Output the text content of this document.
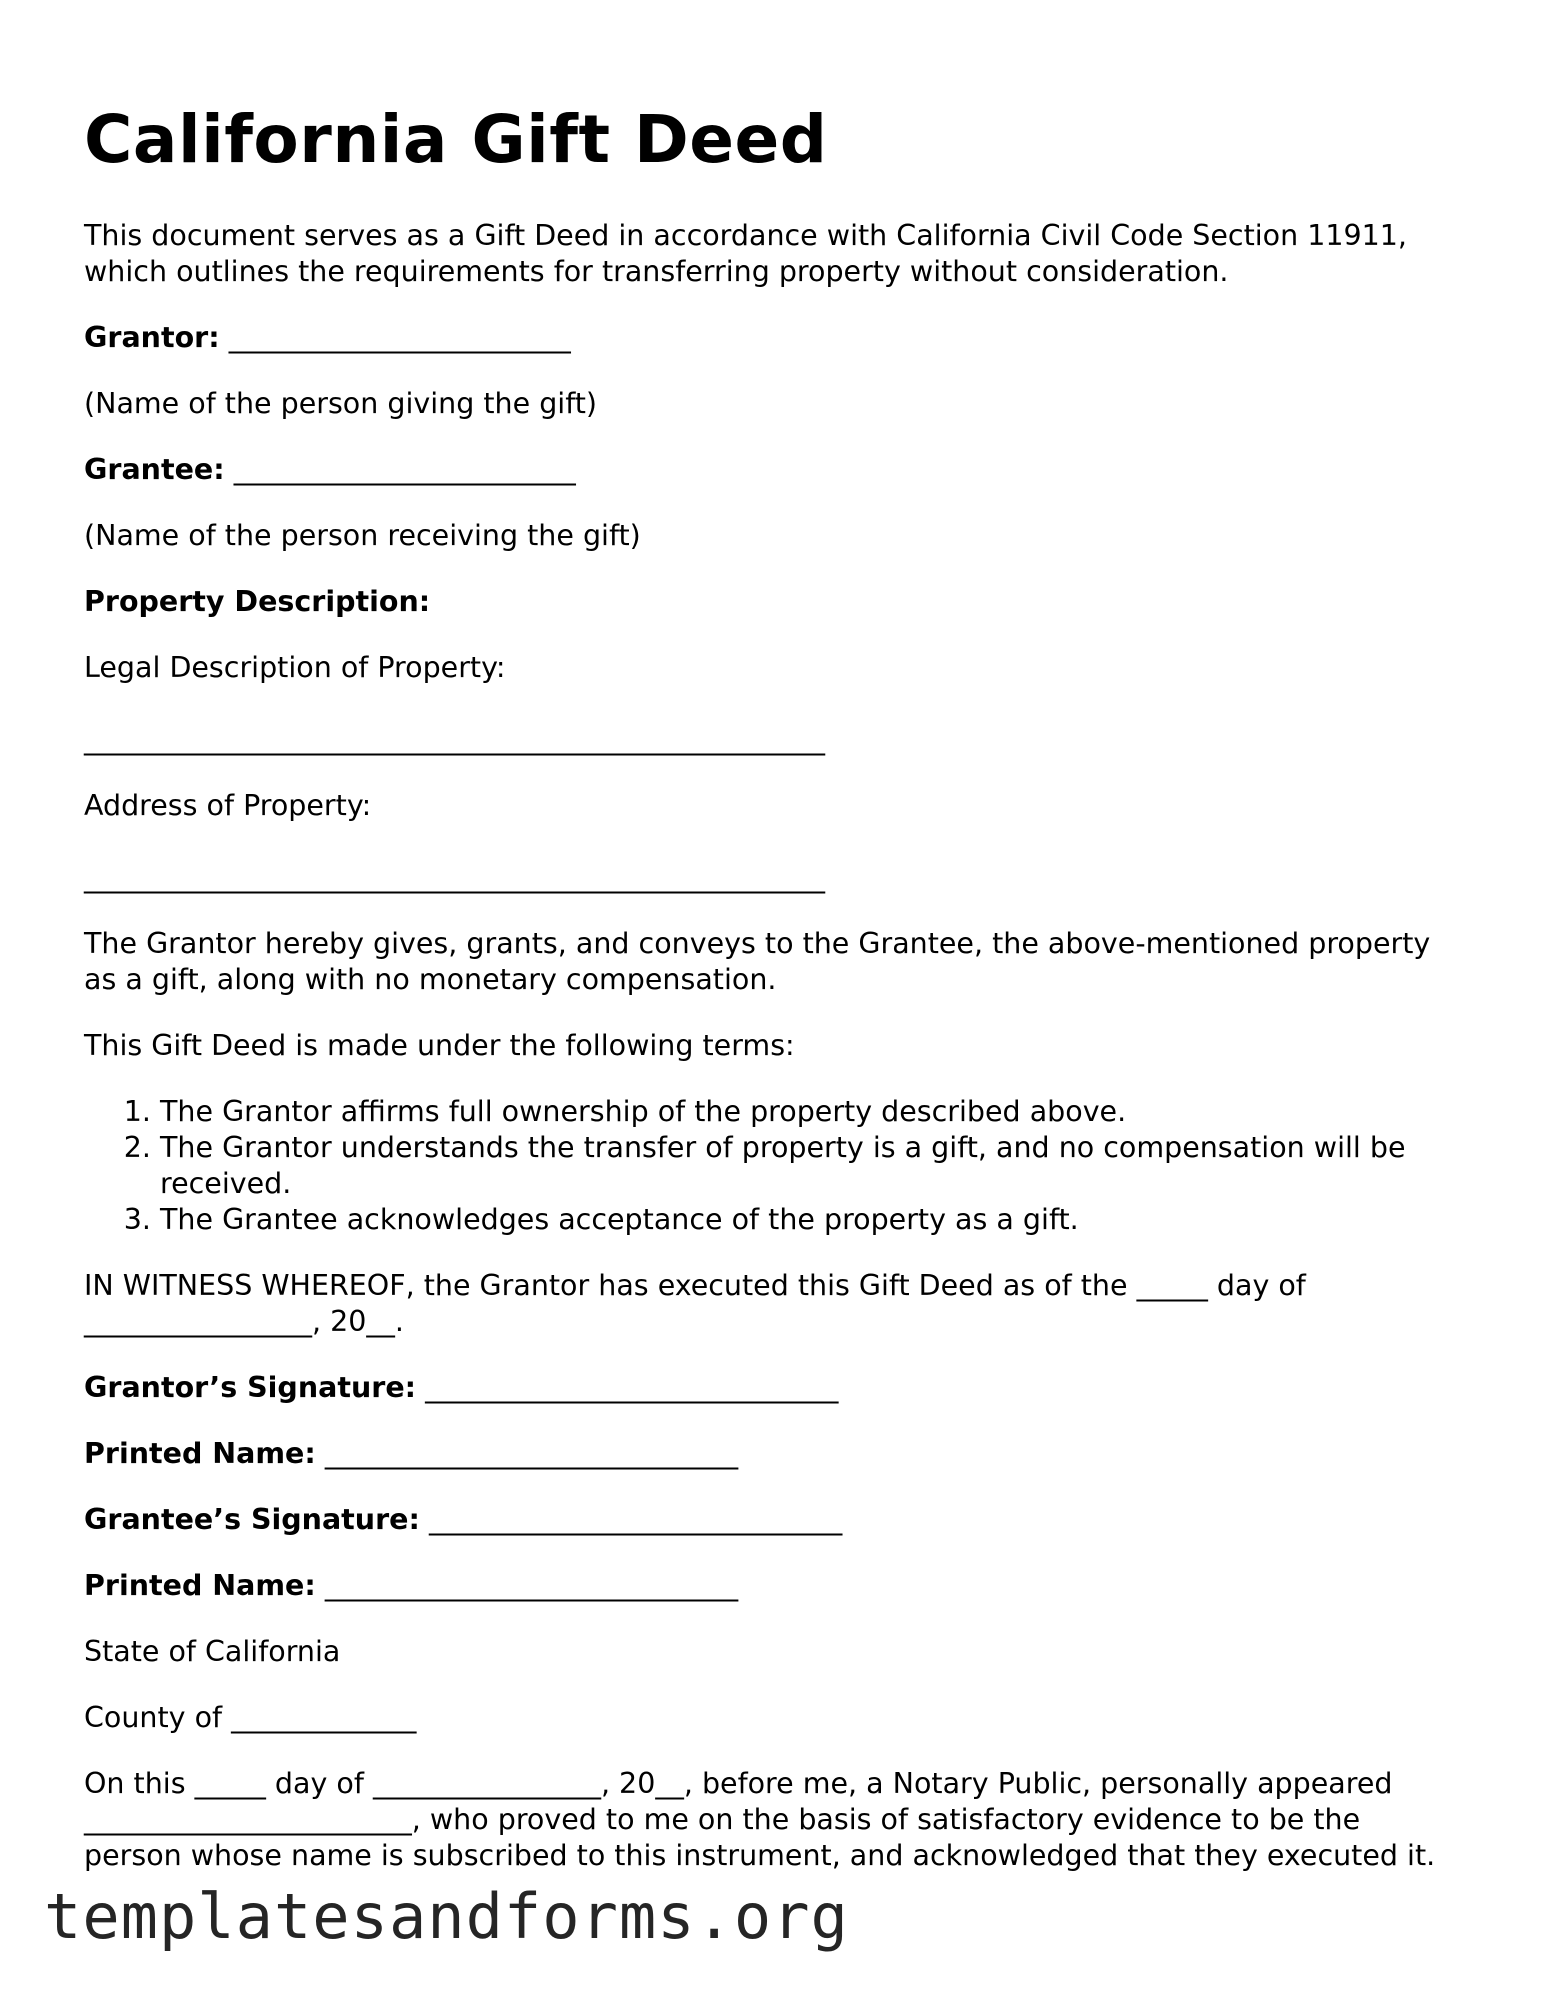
California Gift Deed

This document serves as a Gift Deed in accordance with California Civil Code Section 11911, which outlines the requirements for transferring property without consideration.

Grantor: ________________________

(Name of the person giving the gift)

Grantee: ________________________

(Name of the person receiving the gift)

Property Description:

Legal Description of Property:

____________________________________________________

Address of Property:

____________________________________________________

The Grantor hereby gives, grants, and conveys to the Grantee, the above-mentioned property as a gift, along with no monetary compensation.

This Gift Deed is made under the following terms:

1. The Grantor affirms full ownership of the property described above.
2. The Grantor understands the transfer of property is a gift, and no compensation will be received.
3. The Grantee acknowledges acceptance of the property as a gift.

IN WITNESS WHEREOF, the Grantor has executed this Gift Deed as of the _____ day of ________________, 20__.

Grantor’s Signature: _____________________________

Printed Name: _____________________________

Grantee’s Signature: _____________________________

Printed Name: _____________________________

State of California

County of _____________

On this _____ day of ________________, 20__, before me, a Notary Public, personally appeared _______________________, who proved to me on the basis of satisfactory evidence to be the person whose name is subscribed to this instrument, and acknowledged that they executed it.

templatesandforms.org
